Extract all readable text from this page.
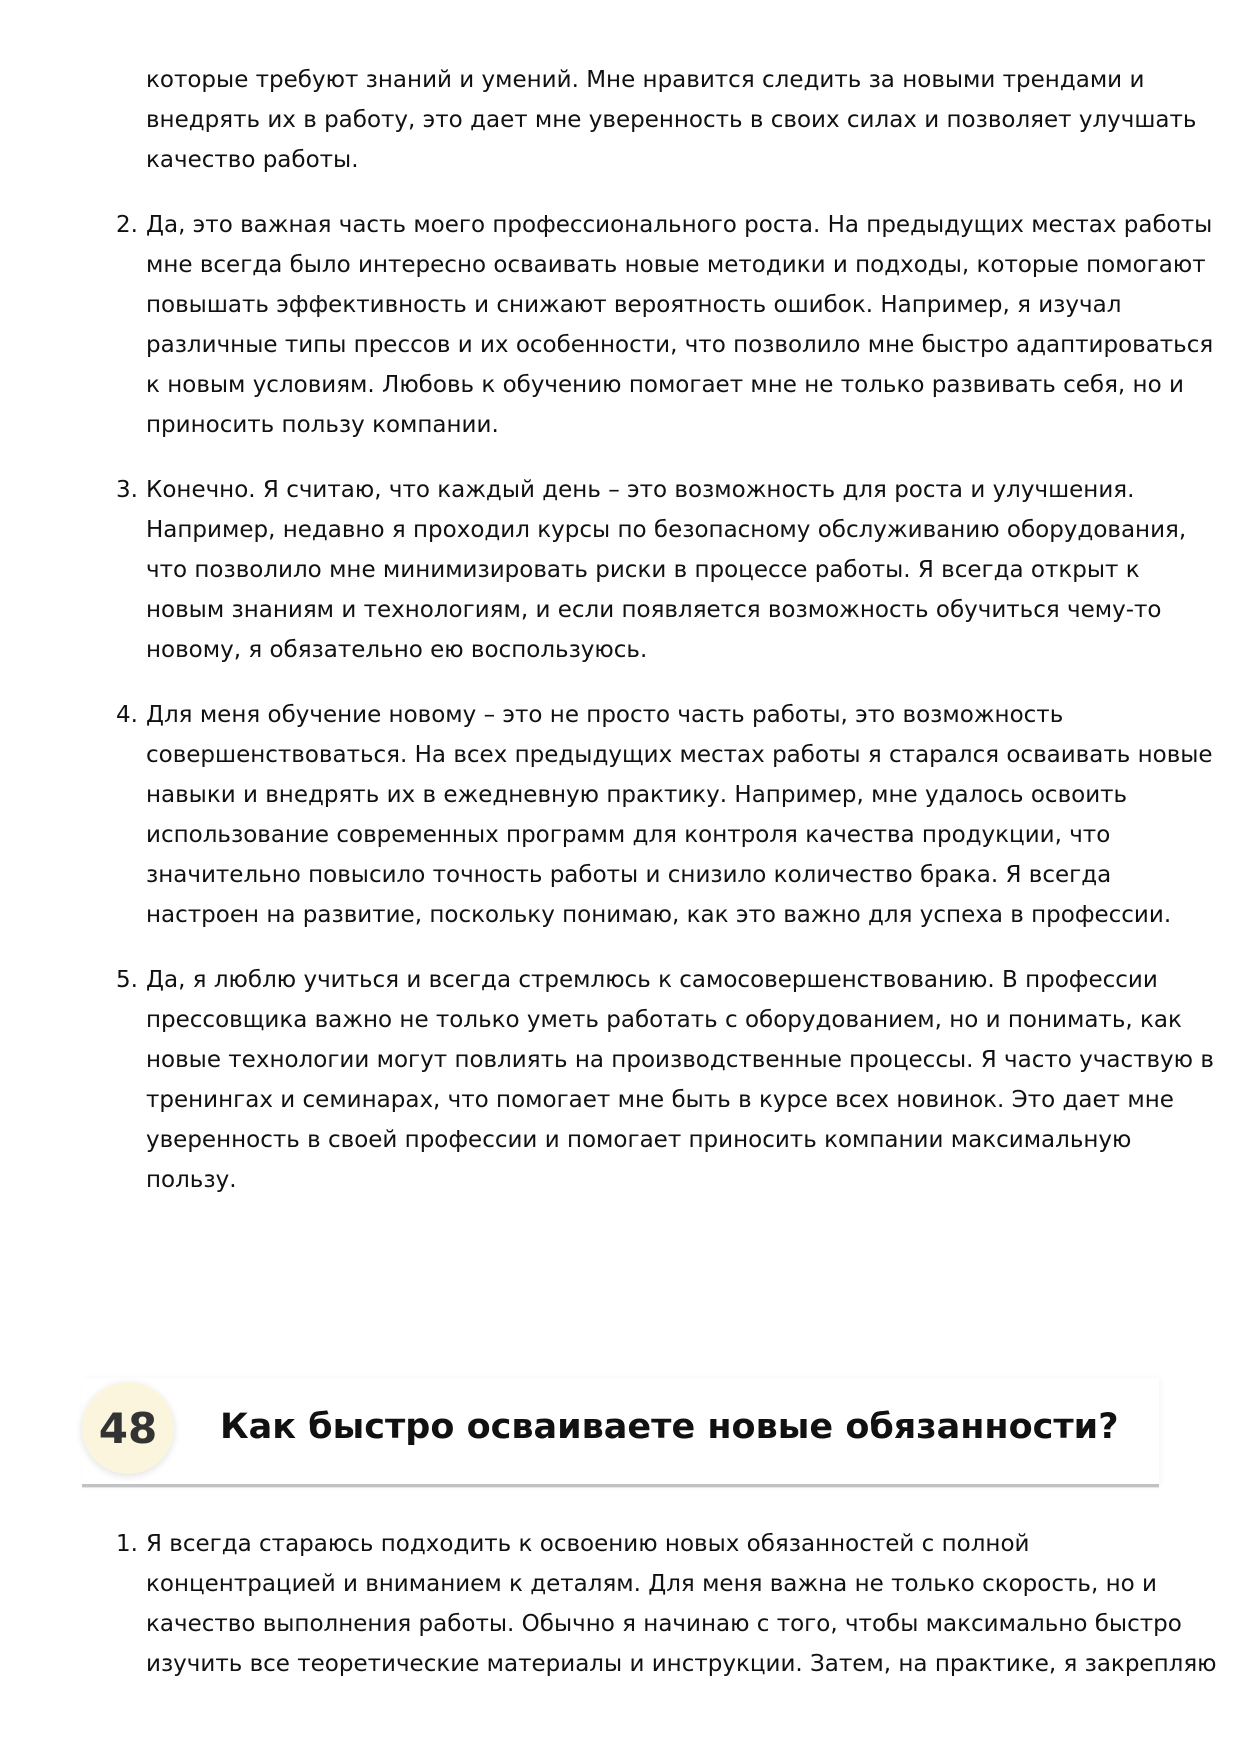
которые требуют знаний и умений. Мне нравится следить за новыми трендами и
внедрять их в работу, это дает мне уверенность в своих силах и позволяет улучшать
качество работы.
2. Да, это важная часть моего профессионального роста. На предыдущих местах работы
мне всегда было интересно осваивать новые методики и подходы, которые помогают
повышать эффективность и снижают вероятность ошибок. Например, я изучал
различные типы прессов и их особенности, что позволило мне быстро адаптироваться
к новым условиям. Любовь к обучению помогает мне не только развивать себя, но и
приносить пользу компании.
3. Конечно. Я считаю, что каждый день – это возможность для роста и улучшения.
Например, недавно я проходил курсы по безопасному обслуживанию оборудования,
что позволило мне минимизировать риски в процессе работы. Я всегда открыт к
новым знаниям и технологиям, и если появляется возможность обучиться чему-то
новому, я обязательно ею воспользуюсь.
4. Для меня обучение новому – это не просто часть работы, это возможность
совершенствоваться. На всех предыдущих местах работы я старался осваивать новые
навыки и внедрять их в ежедневную практику. Например, мне удалось освоить
использование современных программ для контроля качества продукции, что
значительно повысило точность работы и снизило количество брака. Я всегда
настроен на развитие, поскольку понимаю, как это важно для успеха в профессии.
5. Да, я люблю учиться и всегда стремлюсь к самосовершенствованию. В профессии
прессовщика важно не только уметь работать с оборудованием, но и понимать, как
новые технологии могут повлиять на производственные процессы. Я часто участвую в
тренингах и семинарах, что помогает мне быть в курсе всех новинок. Это дает мне
уверенность в своей профессии и помогает приносить компании максимальную
пользу.
48	Как быстро осваиваете новые обязанности?
1. Я всегда стараюсь подходить к освоению новых обязанностей с полной
концентрацией и вниманием к деталям. Для меня важна не только скорость, но и
качество выполнения работы. Обычно я начинаю с того, чтобы максимально быстро
изучить все теоретические материалы и инструкции. Затем, на практике, я закрепляю
